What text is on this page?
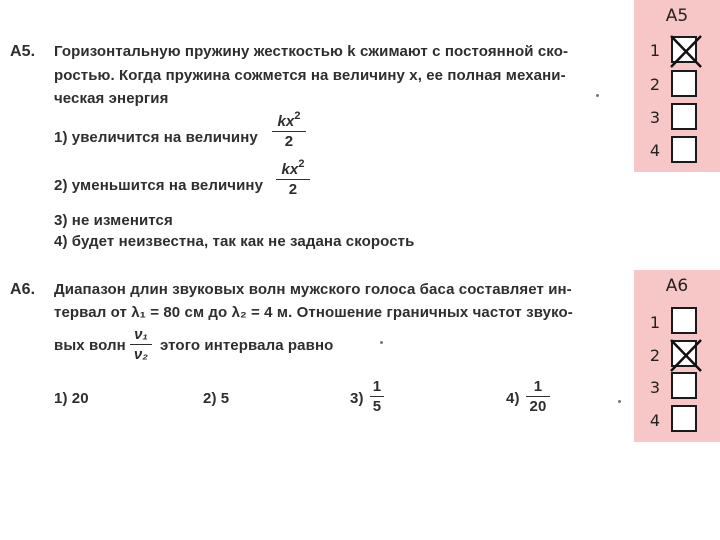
A5. Горизонтальную пружину жесткостью k сжимают с постоянной ско-
ростью. Когда пружина сожмется на величину x, ее полная механи-
ческая энергия
1) увеличится на величину
$kx^2$
2
2) уменьшится на величину
$kx^2$
2
3) не изменится
4) будет неизвестна, так как не задана скорость
A6. Диапазон длин звуковых волн мужского голоса баса составляет ин-
тервал от λ₁ = 80 см до λ₂ = 4 м. Отношение граничных частот звуко-
вых волн
ν₁
ν₂
этого интервала равно
1) 20	2) 5	3)
1
5	4)
1
20
А5
1
2
3
4
А6
1
2
3
4
